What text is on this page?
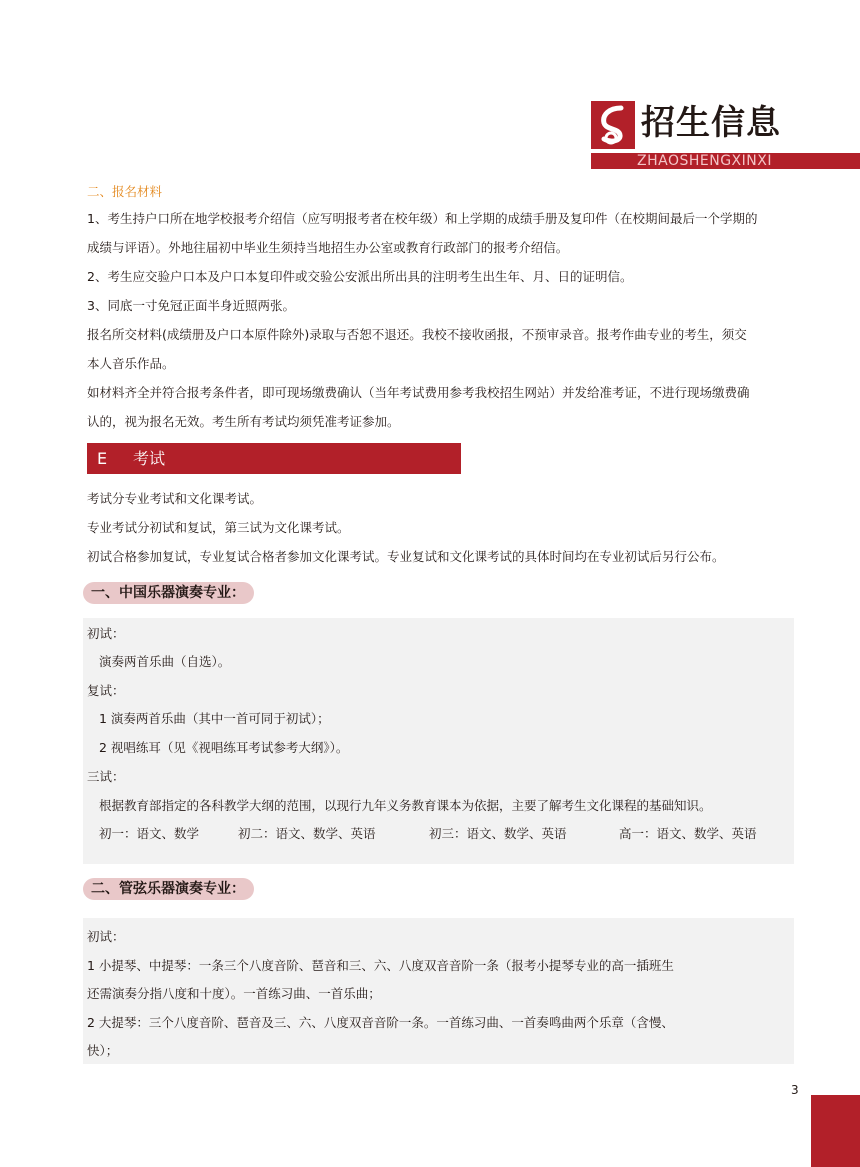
招生信息
ZHAOSHENGXINXI

二、报名材料

1、考生持户口所在地学校报考介绍信（应写明报考者在校年级）和上学期的成绩手册及复印件（在校期间最后一个学期的

成绩与评语）。外地往届初中毕业生须持当地招生办公室或教育行政部门的报考介绍信。

2、考生应交验户口本及户口本复印件或交验公安派出所出具的注明考生出生年、月、日的证明信。

3、同底一寸免冠正面半身近照两张。

报名所交材料(成绩册及户口本原件除外)录取与否恕不退还。我校不接收函报，不预审录音。报考作曲专业的考生，须交

本人音乐作品。

如材料齐全并符合报考条件者，即可现场缴费确认（当年考试费用参考我校招生网站）并发给准考证，不进行现场缴费确

认的，视为报名无效。考生所有考试均须凭准考证参加。

E 考试

考试分专业考试和文化课考试。

专业考试分初试和复试，第三试为文化课考试。

初试合格参加复试，专业复试合格者参加文化课考试。专业复试和文化课考试的具体时间均在专业初试后另行公布。

一、中国乐器演奏专业：
初试：
演奏两首乐曲（自选）。
复试：
1 演奏两首乐曲（其中一首可同于初试）；
2 视唱练耳（见《视唱练耳考试参考大纲》）。
三试：
根据教育部指定的各科教学大纲的范围，以现行九年义务教育课本为依据，主要了解考生文化课程的基础知识。
初一：语文、数学	初二：语文、数学、英语	初三：语文、数学、英语	高一：语文、数学、英语
二、管弦乐器演奏专业：
初试：
1 小提琴、中提琴：一条三个八度音阶、琶音和三、六、八度双音音阶一条（报考小提琴专业的高一插班生
还需演奏分指八度和十度）。一首练习曲、一首乐曲；
2 大提琴：三个八度音阶、琶音及三、六、八度双音音阶一条。一首练习曲、一首奏鸣曲两个乐章（含慢、
快）；
3
